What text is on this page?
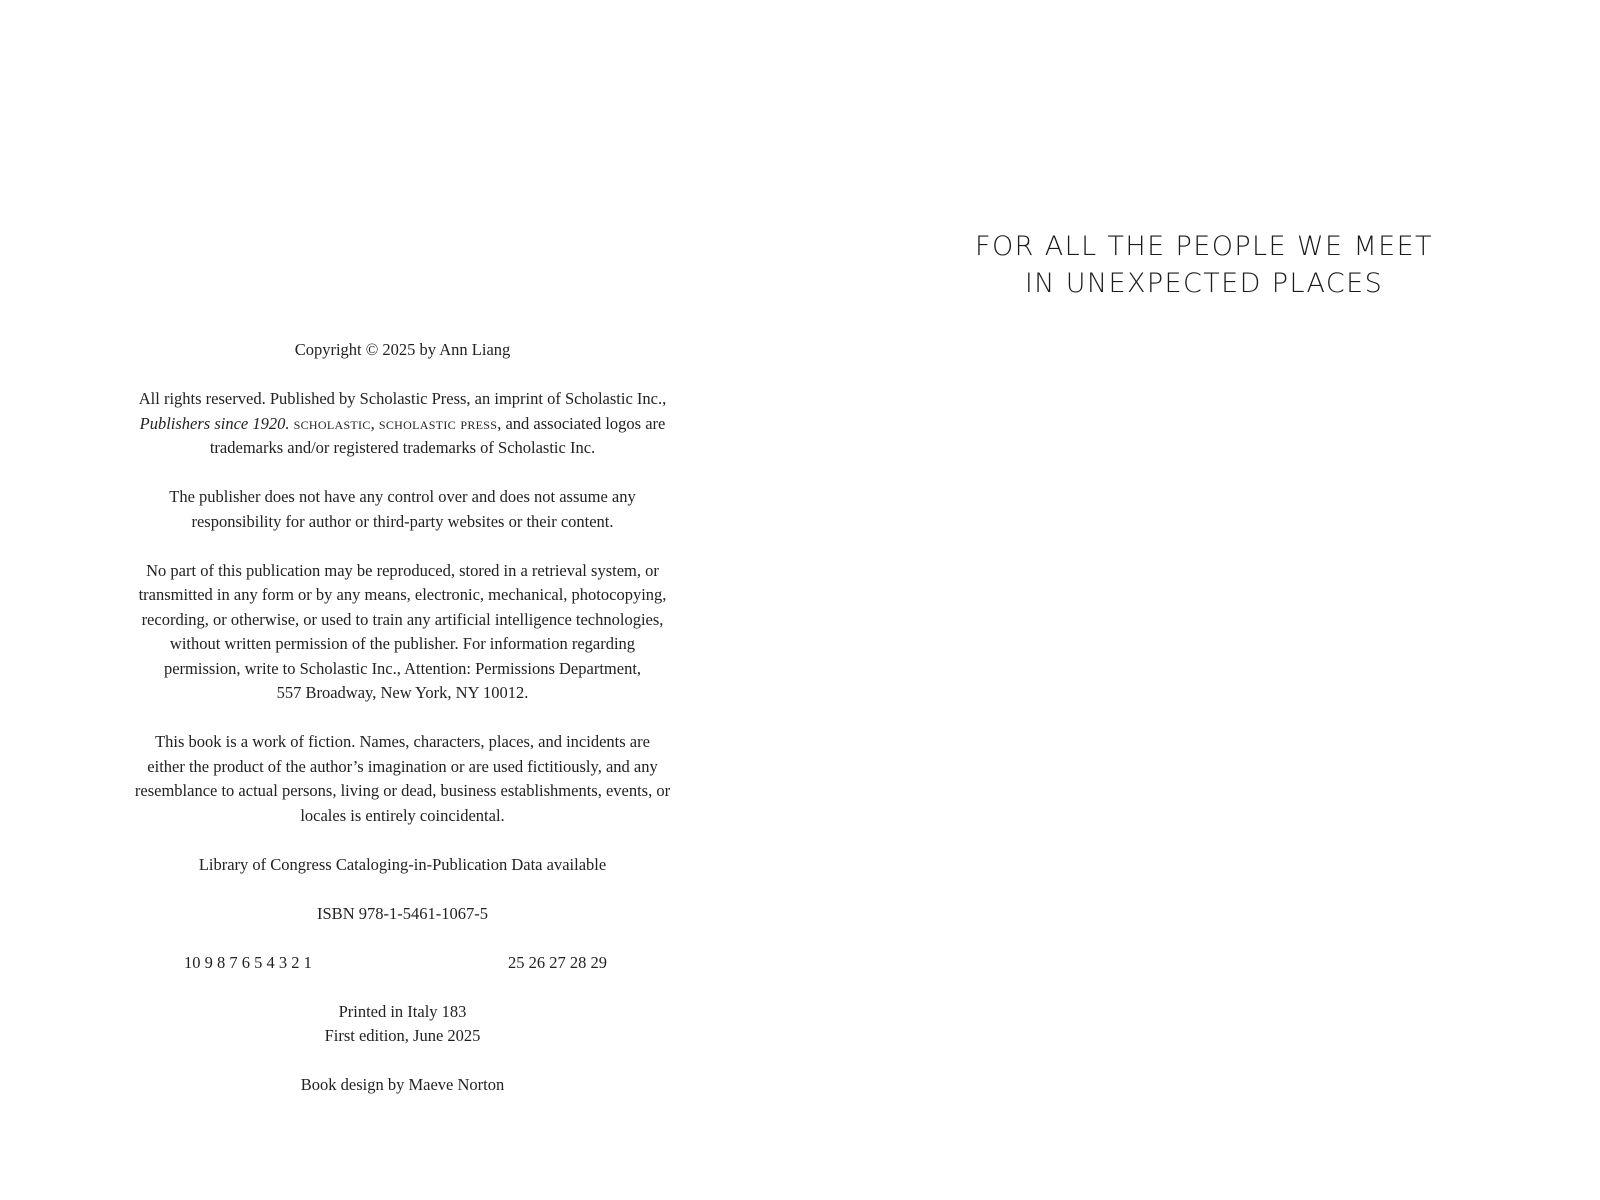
Copyright © 2025 by Ann Liang

All rights reserved. Published by Scholastic Press, an imprint of Scholastic Inc.,
Publishers since 1920. scholastic, scholastic press, and associated logos are
trademarks and/or registered trademarks of Scholastic Inc.

The publisher does not have any control over and does not assume any
responsibility for author or third-party websites or their content.

No part of this publication may be reproduced, stored in a retrieval system, or
transmitted in any form or by any means, electronic, mechanical, photocopying,
recording, or otherwise, or used to train any artificial intelligence technologies,
without written permission of the publisher. For information regarding
permission, write to Scholastic Inc., Attention: Permissions Department,
557 Broadway, New York, NY 10012.

This book is a work of fiction. Names, characters, places, and incidents are
either the product of the author’s imagination or are used fictitiously, and any
resemblance to actual persons, living or dead, business establishments, events, or
locales is entirely coincidental.

Library of Congress Cataloging-in-Publication Data available

ISBN 978-1-5461-1067-5

10 9 8 7 6 5 4 3 2 1	25 26 27 28 29

Printed in Italy 183
First edition, June 2025

Book design by Maeve Norton

FOR ALL THE PEOPLE WE MEET
IN UNEXPECTED PLACES
